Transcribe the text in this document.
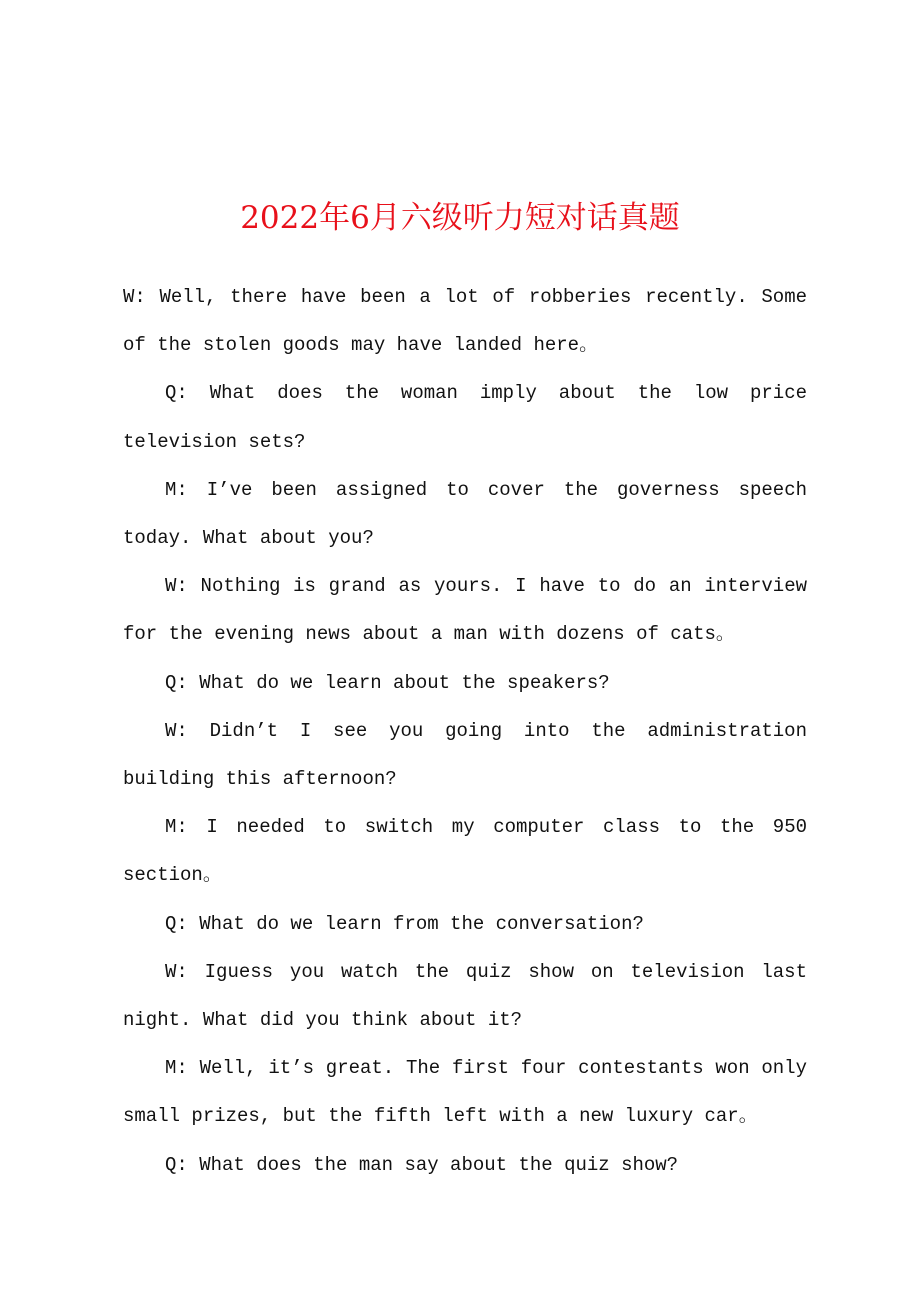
2022年6月六级听力短对话真题

W: Well, there have been a lot of robberies recently. Some of the stolen goods may have landed here。

Q: What does the woman imply about the low price television sets?

M: I’ve been assigned to cover the governess speech today. What about you?

W: Nothing is grand as yours. I have to do an interview for the evening news about a man with dozens of cats。

Q: What do we learn about the speakers?

W: Didn’t I see you going into the administration building this afternoon?

M: I needed to switch my computer class to the 950 section。

Q: What do we learn from the conversation?

W: Iguess you watch the quiz show on television last night. What did you think about it?

M: Well, it’s great. The first four contestants won only small prizes, but the fifth left with a new luxury car。

Q: What does the man say about the quiz show?
